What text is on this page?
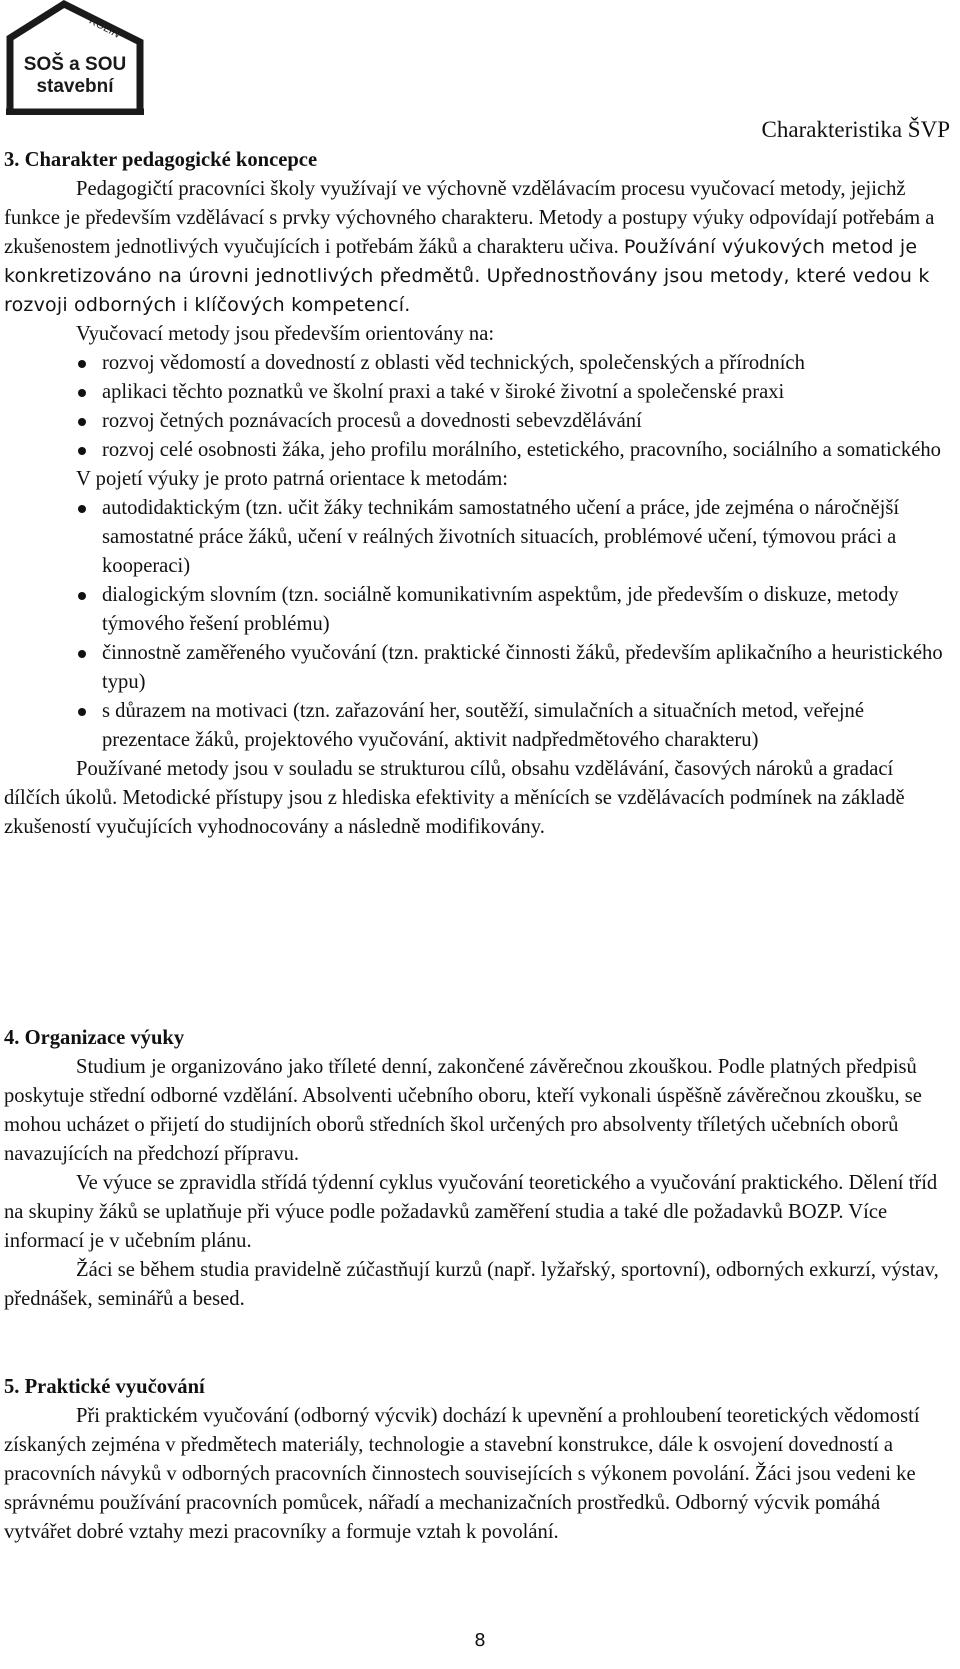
KOLÍN
SOŠ a SOU
stavební
Charakteristika ŠVP
3. Charakter pedagogické koncepce

Pedagogičtí pracovníci školy využívají ve výchovně vzdělávacím procesu vyučovací metody, jejichž funkce je především vzdělávací s prvky výchovného charakteru. Metody a postupy výuky odpovídají potřebám a zkušenostem jednotlivých vyučujících i potřebám žáků a charakteru učiva. Používání výukových metod je konkretizováno na úrovni jednotlivých předmětů. Upřednostňovány jsou metody, které vedou k rozvoji odborných i klíčových kompetencí.

Vyučovací metody jsou především orientovány na:

rozvoj vědomostí a dovedností z oblasti věd technických, společenských a přírodních
aplikaci těchto poznatků ve školní praxi a také v široké životní a společenské praxi
rozvoj četných poznávacích procesů a dovednosti sebevzdělávání
rozvoj celé osobnosti žáka, jeho profilu morálního, estetického, pracovního, sociálního a somatického

V pojetí výuky je proto patrná orientace k metodám:

autodidaktickým (tzn. učit žáky technikám samostatného učení a práce, jde zejména o náročnější samostatné práce žáků, učení v reálných životních situacích, problémové učení, týmovou práci a kooperaci)
dialogickým slovním (tzn. sociálně komunikativním aspektům, jde především o diskuze, metody týmového řešení problému)
činnostně zaměřeného vyučování (tzn. praktické činnosti žáků, především aplikačního a heuristického typu)
s důrazem na motivaci (tzn. zařazování her, soutěží, simulačních a situačních metod, veřejné prezentace žáků, projektového vyučování, aktivit nadpředmětového charakteru)

Používané metody jsou v souladu se strukturou cílů, obsahu vzdělávání, časových nároků a gradací dílčích úkolů. Metodické přístupy jsou z hlediska efektivity a měnících se vzdělávacích podmínek na základě zkušeností vyučujících vyhodnocovány a následně modifikovány.

4. Organizace výuky

Studium je organizováno jako tříleté denní, zakončené závěrečnou zkouškou. Podle platných předpisů poskytuje střední odborné vzdělání. Absolventi učebního oboru, kteří vykonali úspěšně závěrečnou zkoušku, se mohou ucházet o přijetí do studijních oborů středních škol určených pro absolventy tříletých učebních oborů navazujících na předchozí přípravu.

Ve výuce se zpravidla střídá týdenní cyklus vyučování teoretického a vyučování praktického. Dělení tříd na skupiny žáků se uplatňuje při výuce podle požadavků zaměření studia a také dle požadavků BOZP. Více informací je v učebním plánu.

Žáci se během studia pravidelně zúčastňují kurzů (např. lyžařský, sportovní), odborných exkurzí, výstav, přednášek, seminářů a besed.

5. Praktické vyučování

Při praktickém vyučování (odborný výcvik) dochází k upevnění a prohloubení teoretických vědomostí získaných zejména v předmětech materiály, technologie a stavební konstrukce, dále k osvojení dovedností a pracovních návyků v odborných pracovních činnostech souvisejících s výkonem povolání. Žáci jsou vedeni ke správnému používání pracovních pomůcek, nářadí a mechanizačních prostředků. Odborný výcvik pomáhá vytvářet dobré vztahy mezi pracovníky a formuje vztah k povolání.

8
